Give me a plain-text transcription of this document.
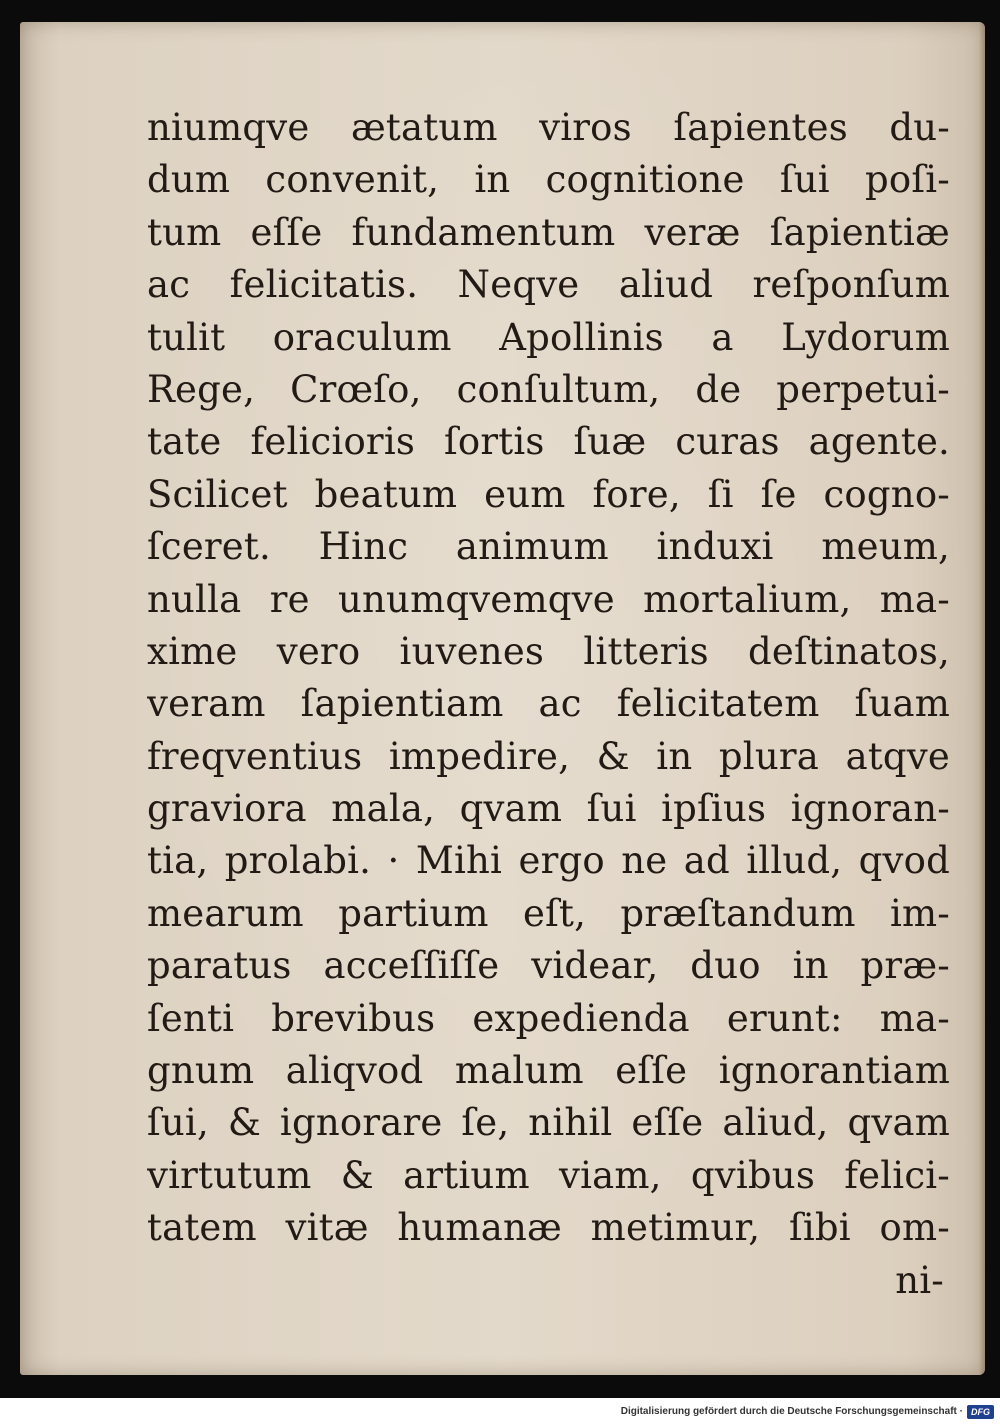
niumqve ætatum viros ſapientes du-
dum convenit, in cognitione ſui poſi-
tum eſſe fundamentum veræ ſapientiæ
ac felicitatis. Neqve aliud reſponſum
tulit oraculum Apollinis a Lydorum
Rege, Crœſo, conſultum, de perpetui-
tate felicioris ſortis ſuæ curas agente.
Scilicet beatum eum fore, ſi ſe cogno-
ſceret. Hinc animum induxi meum,
nulla re unumqvemqve mortalium, ma-
xime vero iuvenes litteris deſtinatos,
veram ſapientiam ac felicitatem ſuam
freqventius impedire, & in plura atqve
graviora mala, qvam ſui ipſius ignoran-
tia, prolabi. · Mihi ergo ne ad illud, qvod
mearum partium eſt, præſtandum im-
paratus acceſſiſſe videar, duo in præ-
ſenti brevibus expedienda erunt: ma-
gnum aliqvod malum eſſe ignorantiam
ſui, & ignorare ſe, nihil eſſe aliud, qvam
virtutum & artium viam, qvibus felici-
tatem vitæ humanæ metimur, ſibi om-
ni-
Digitalisierung gefördert durch die Deutsche Forschungsgemeinschaft · DFG
